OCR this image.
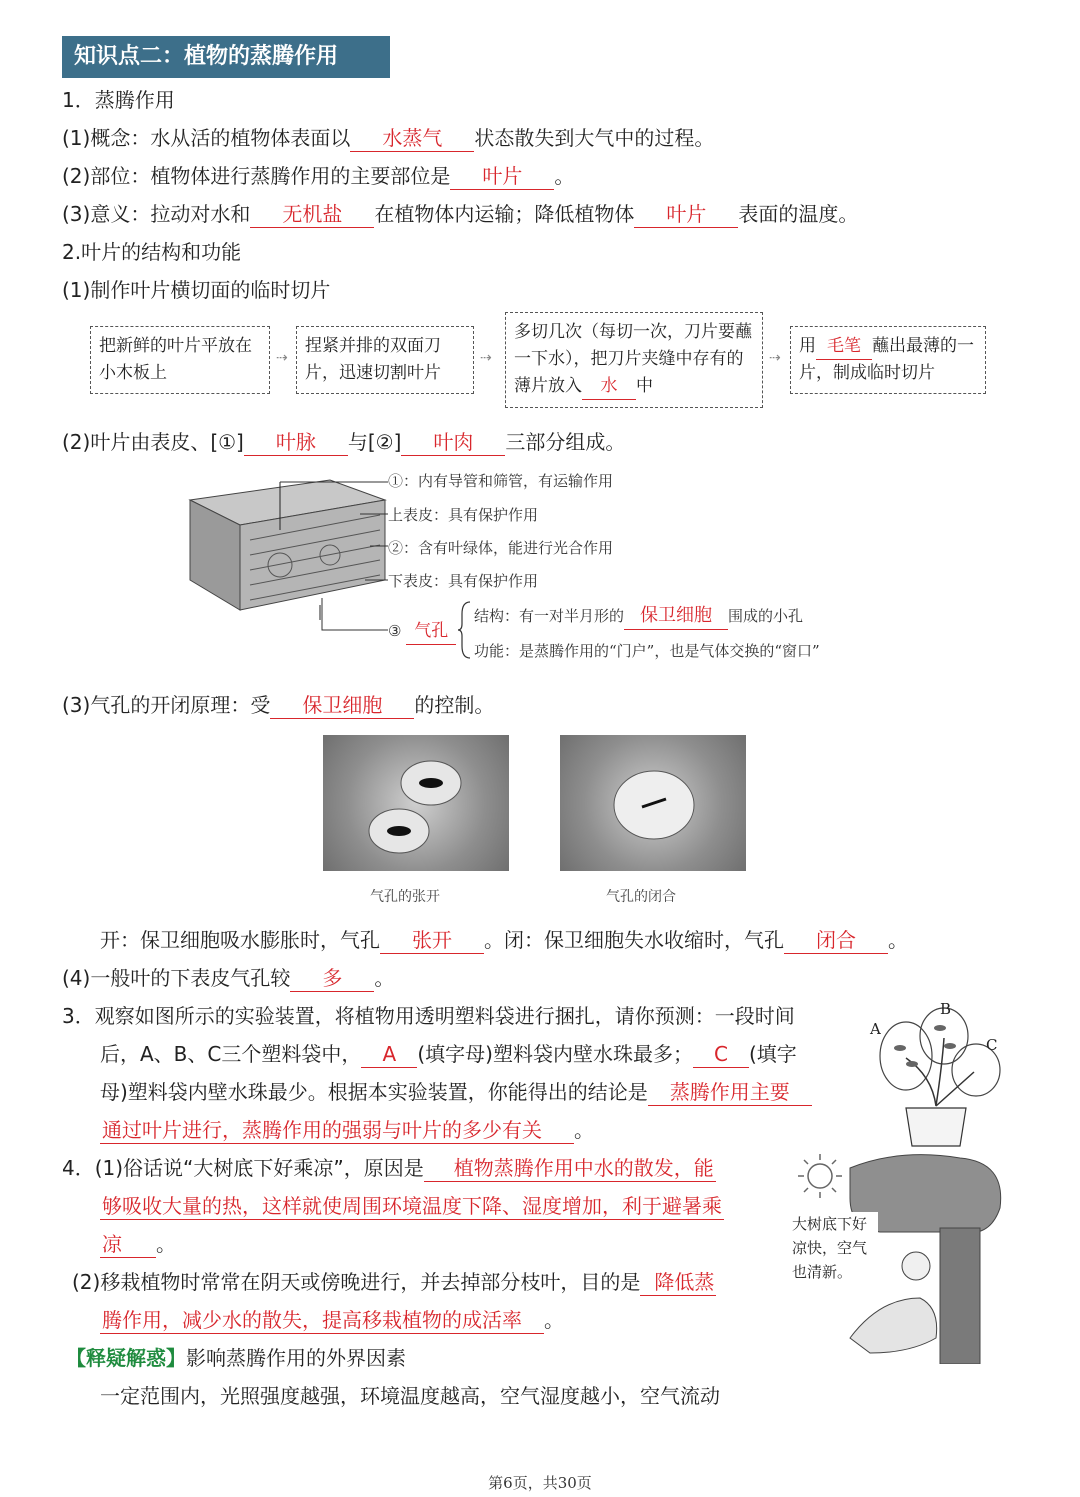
知识点二：植物的蒸腾作用
1．蒸腾作用
(1)概念：水从活的植物体表面以 水蒸气 状态散失到大气中的过程。
(2)部位：植物体进行蒸腾作用的主要部位是 叶片 。
(3)意义：拉动对水和 无机盐 在植物体内运输；降低植物体 叶片 表面的温度。
2.叶片的结构和功能
(1)制作叶片横切面的临时切片
把新鲜的叶片平放在小木板上
⇢
捏紧并排的双面刀片，迅速切割叶片
⇢
多切几次（每切一次，刀片要蘸一下水），把刀片夹缝中存有的薄片放入 水 中
⇢
用 毛笔 蘸出最薄的一片，制成临时切片
(2)叶片由表皮、[①] 叶脉 与[②] 叶肉 三部分组成。
①：内有导管和筛管，有运输作用
上表皮：具有保护作用
②：含有叶绿体，能进行光合作用
下表皮：具有保护作用
③ 气孔
结构：有一对半月形的 保卫细胞 围成的小孔
功能：是蒸腾作用的“门户”，也是气体交换的“窗口”
(3)气孔的开闭原理：受 保卫细胞 的控制。
气孔的张开	气孔的闭合
开：保卫细胞吸水膨胀时，气孔 张开 。闭：保卫细胞失水收缩时，气孔 闭合 。
(4)一般叶的下表皮气孔较 多 。
3．观察如图所示的实验装置，将植物用透明塑料袋进行捆扎，请你预测：一段时间
后，A、B、C三个塑料袋中， A (填字母)塑料袋内壁水珠最多； C (填字
母)塑料袋内壁水珠最少。根据本实验装置，你能得出的结论是 蒸腾作用主要
通过叶片进行，蒸腾作用的强弱与叶片的多少有关 。
A
B
C
4．(1)俗话说“大树底下好乘凉”，原因是 植物蒸腾作用中水的散发，能
够吸收大量的热，这样就使周围环境温度下降、湿度增加，利于避暑乘
凉 。
(2)移栽植物时常常在阴天或傍晚进行，并去掉部分枝叶，目的是 降低蒸
腾作用，减少水的散失，提高移栽植物的成活率 。
大树底下好凉快，空气也清新。
【释疑解惑】影响蒸腾作用的外界因素
一定范围内，光照强度越强，环境温度越高，空气湿度越小，空气流动
第6页，共30页
